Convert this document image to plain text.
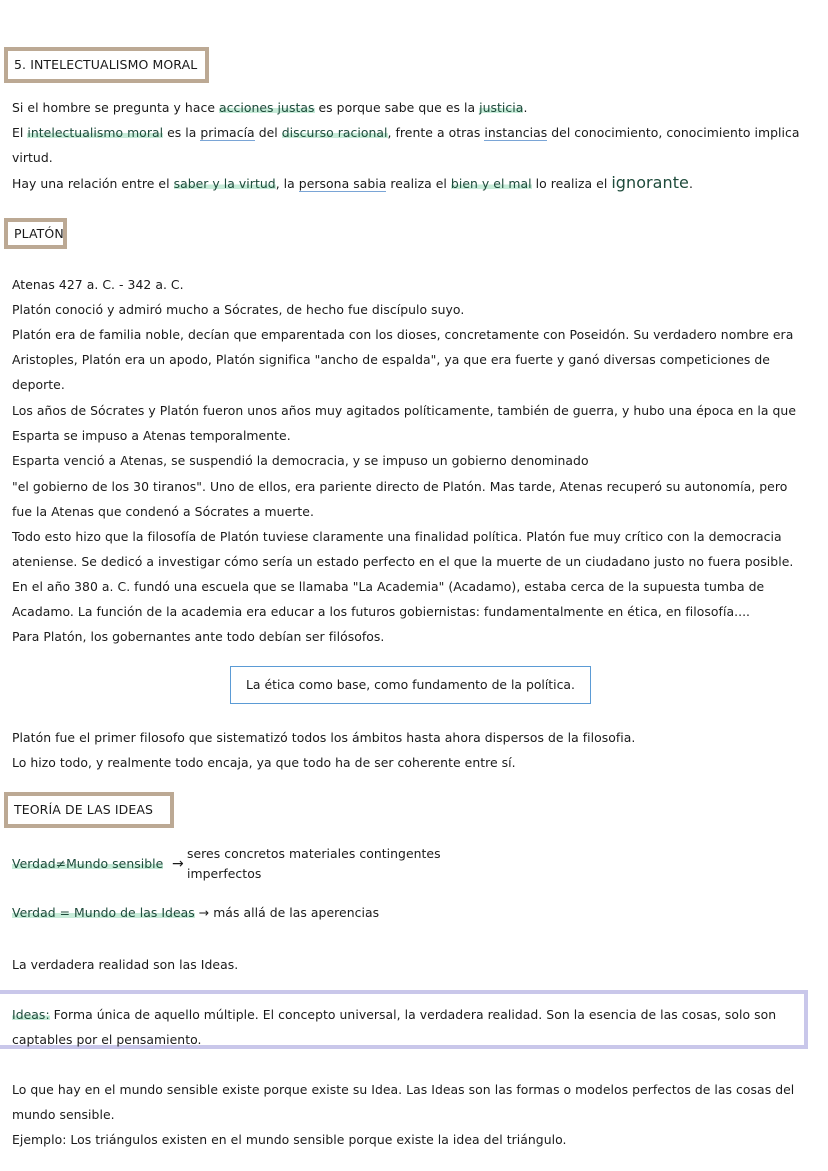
5. INTELECTUALISMO MORAL
Si el hombre se pregunta y hace acciones justas es porque sabe que es la justicia.
El intelectualismo moral es la primacía del discurso racional, frente a otras instancias del conocimiento, conocimiento implica
virtud.
Hay una relación entre el saber y la virtud, la persona sabia realiza el bien y el mal lo realiza el ignorante.
PLATÓN
Atenas 427 a. C. - 342 a. C.
Platón conoció y admiró mucho a Sócrates, de hecho fue discípulo suyo.
Platón era de familia noble, decían que emparentada con los dioses, concretamente con Poseidón. Su verdadero nombre era
Aristoples, Platón era un apodo, Platón significa "ancho de espalda", ya que era fuerte y ganó diversas competiciones de
deporte.
Los años de Sócrates y Platón fueron unos años muy agitados políticamente, también de guerra, y hubo una época en la que
Esparta se impuso a Atenas temporalmente.
Esparta venció a Atenas, se suspendió la democracia, y se impuso un gobierno denominado
"el gobierno de los 30 tiranos". Uno de ellos, era pariente directo de Platón. Mas tarde, Atenas recuperó su autonomía, pero
fue la Atenas que condenó a Sócrates a muerte.
Todo esto hizo que la filosofía de Platón tuviese claramente una finalidad política. Platón fue muy crítico con la democracia
ateniense. Se dedicó a investigar cómo sería un estado perfecto en el que la muerte de un ciudadano justo no fuera posible.
En el año 380 a. C. fundó una escuela que se llamaba "La Academia" (Acadamo), estaba cerca de la supuesta tumba de
Acadamo. La función de la academia era educar a los futuros gobiernistas: fundamentalmente en ética, en filosofía....
Para Platón, los gobernantes ante todo debían ser filósofos.
La ética como base, como fundamento de la política.
Platón fue el primer filosofo que sistematizó todos los ámbitos hasta ahora dispersos de la filosofia.
Lo hizo todo, y realmente todo encaja, ya que todo ha de ser coherente entre sí.
TEORÍA DE LAS IDEAS
Verdad≠Mundo sensible →
seres concretos materiales contingentes
imperfectos
Verdad = Mundo de las Ideas → más allá de las aperencias
La verdadera realidad son las Ideas.
Ideas: Forma única de aquello múltiple. El concepto universal, la verdadera realidad. Son la esencia de las cosas, solo son
captables por el pensamiento.
Lo que hay en el mundo sensible existe porque existe su Idea. Las Ideas son las formas o modelos perfectos de las cosas del
mundo sensible.
Ejemplo: Los triángulos existen en el mundo sensible porque existe la idea del triángulo.
